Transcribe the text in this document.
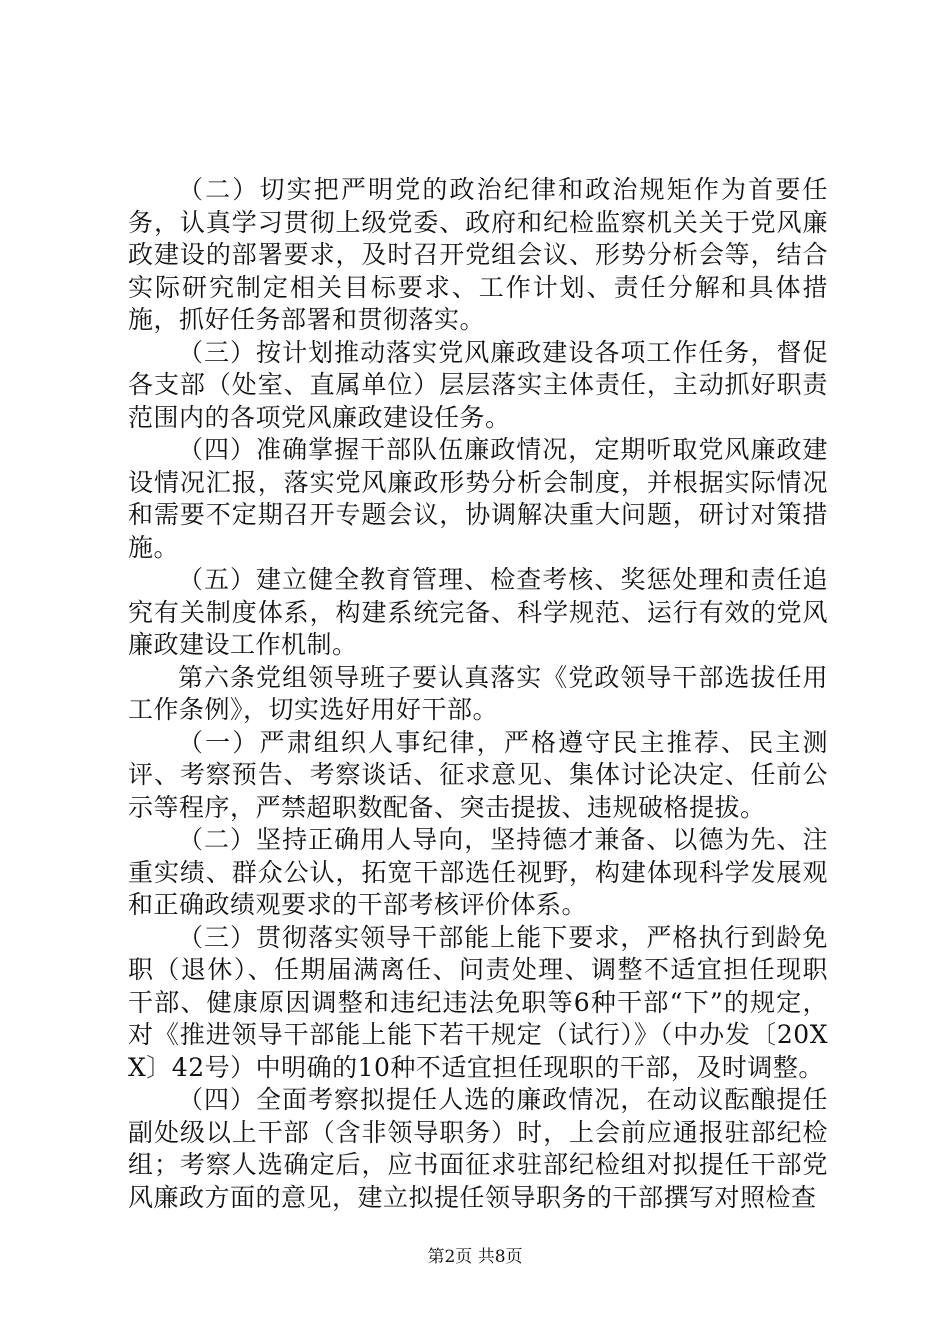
（二）切实把严明党的政治纪律和政治规矩作为首要任务，认真学习贯彻上级党委、政府和纪检监察机关关于党风廉政建设的部署要求，及时召开党组会议、形势分析会等，结合实际研究制定相关目标要求、工作计划、责任分解和具体措施，抓好任务部署和贯彻落实。

（三）按计划推动落实党风廉政建设各项工作任务，督促各支部（处室、直属单位）层层落实主体责任，主动抓好职责范围内的各项党风廉政建设任务。

（四）准确掌握干部队伍廉政情况，定期听取党风廉政建设情况汇报，落实党风廉政形势分析会制度，并根据实际情况和需要不定期召开专题会议，协调解决重大问题，研讨对策措施。

（五）建立健全教育管理、检查考核、奖惩处理和责任追究有关制度体系，构建系统完备、科学规范、运行有效的党风廉政建设工作机制。

第六条党组领导班子要认真落实《党政领导干部选拔任用工作条例》，切实选好用好干部。

（一）严肃组织人事纪律，严格遵守民主推荐、民主测评、考察预告、考察谈话、征求意见、集体讨论决定、任前公示等程序，严禁超职数配备、突击提拔、违规破格提拔。

（二）坚持正确用人导向，坚持德才兼备、以德为先、注重实绩、群众公认，拓宽干部选任视野，构建体现科学发展观和正确政绩观要求的干部考核评价体系。

（三）贯彻落实领导干部能上能下要求，严格执行到龄免职（退休）、任期届满离任、问责处理、调整不适宜担任现职干部、健康原因调整和违纪违法免职等6种干部“下”的规定，对《推进领导干部能上能下若干规定（试行）》（中办发〔20XX〕42号）中明确的10种不适宜担任现职的干部，及时调整。

（四）全面考察拟提任人选的廉政情况，在动议酝酿提任副处级以上干部（含非领导职务）时，上会前应通报驻部纪检组；考察人选确定后，应书面征求驻部纪检组对拟提任干部党风廉政方面的意见，建立拟提任领导职务的干部撰写对照检查

第2页 共8页
